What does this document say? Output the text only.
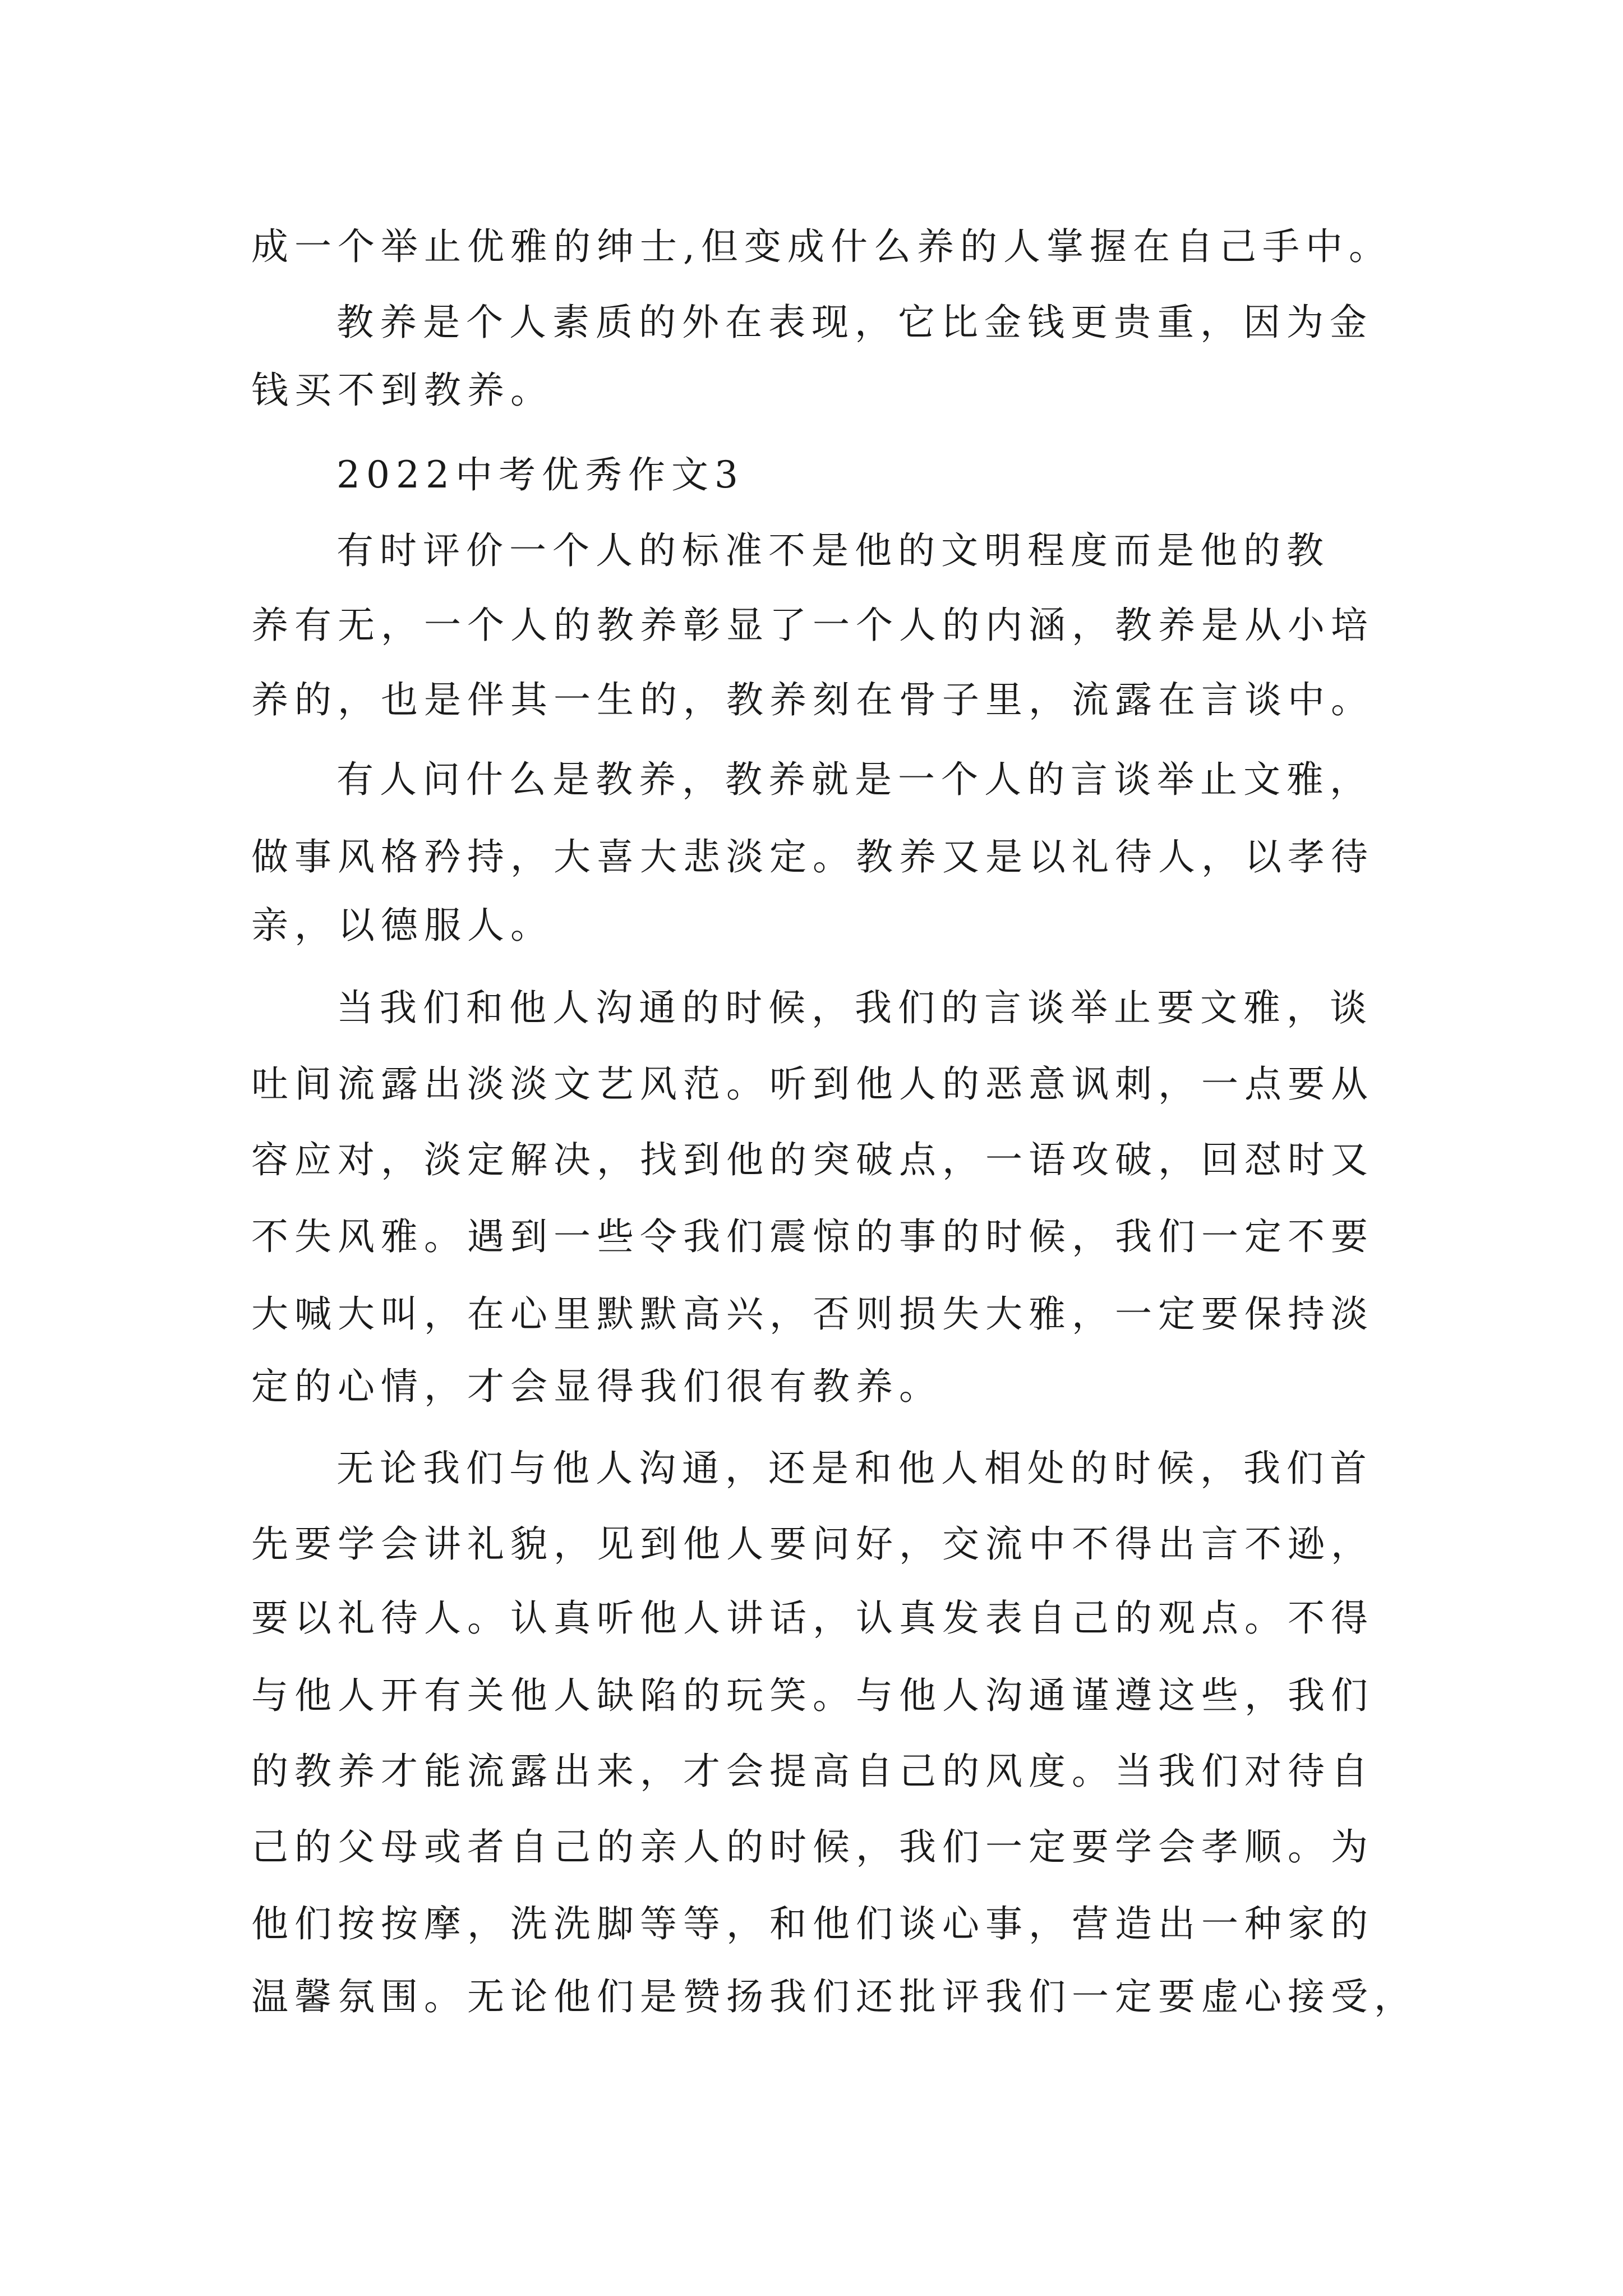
成一个举止优雅的绅士,但变成什么养的人掌握在自己手中。
教养是个人素质的外在表现，它比金钱更贵重，因为金
钱买不到教养。
2022中考优秀作文3
有时评价一个人的标准不是他的文明程度而是他的教
养有无，一个人的教养彰显了一个人的内涵，教养是从小培
养的，也是伴其一生的，教养刻在骨子里，流露在言谈中。
有人问什么是教养，教养就是一个人的言谈举止文雅，
做事风格矜持，大喜大悲淡定。教养又是以礼待人，以孝待
亲，以德服人。
当我们和他人沟通的时候，我们的言谈举止要文雅，谈
吐间流露出淡淡文艺风范。听到他人的恶意讽刺，一点要从
容应对，淡定解决，找到他的突破点，一语攻破，回怼时又
不失风雅。遇到一些令我们震惊的事的时候，我们一定不要
大喊大叫，在心里默默高兴，否则损失大雅，一定要保持淡
定的心情，才会显得我们很有教养。
无论我们与他人沟通，还是和他人相处的时候，我们首
先要学会讲礼貌，见到他人要问好，交流中不得出言不逊，
要以礼待人。认真听他人讲话，认真发表自己的观点。不得
与他人开有关他人缺陷的玩笑。与他人沟通谨遵这些，我们
的教养才能流露出来，才会提高自己的风度。当我们对待自
己的父母或者自己的亲人的时候，我们一定要学会孝顺。为
他们按按摩，洗洗脚等等，和他们谈心事，营造出一种家的
温馨氛围。无论他们是赞扬我们还批评我们一定要虚心接受，
